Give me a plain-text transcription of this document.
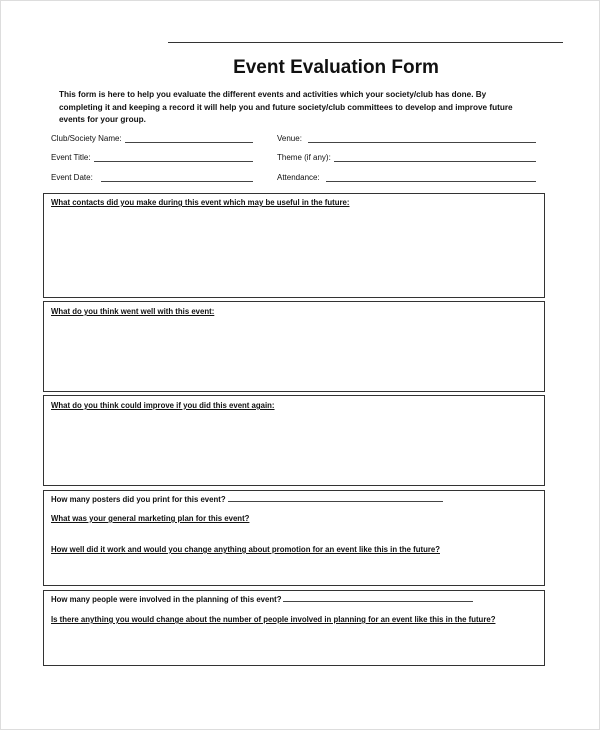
Event Evaluation Form
This form is here to help you evaluate the different events and activities which your society/club has done. By completing it and keeping a record it will help you and future society/club committees to develop and improve future events for your group.
Club/Society Name:
Event Title:
Event Date:
Venue:
Theme (if any):
Attendance:
What contacts did you make during this event which may be useful in the future:
What do you think went well with this event:
What do you think could improve if you did this event again:
How many posters did you print for this event?
What was your general marketing plan for this event?
How well did it work and would you change anything about promotion for an event like this in the future?
How many people were involved in the planning of this event?
Is there anything you would change about the number of people involved in planning for an event like this in the future?
